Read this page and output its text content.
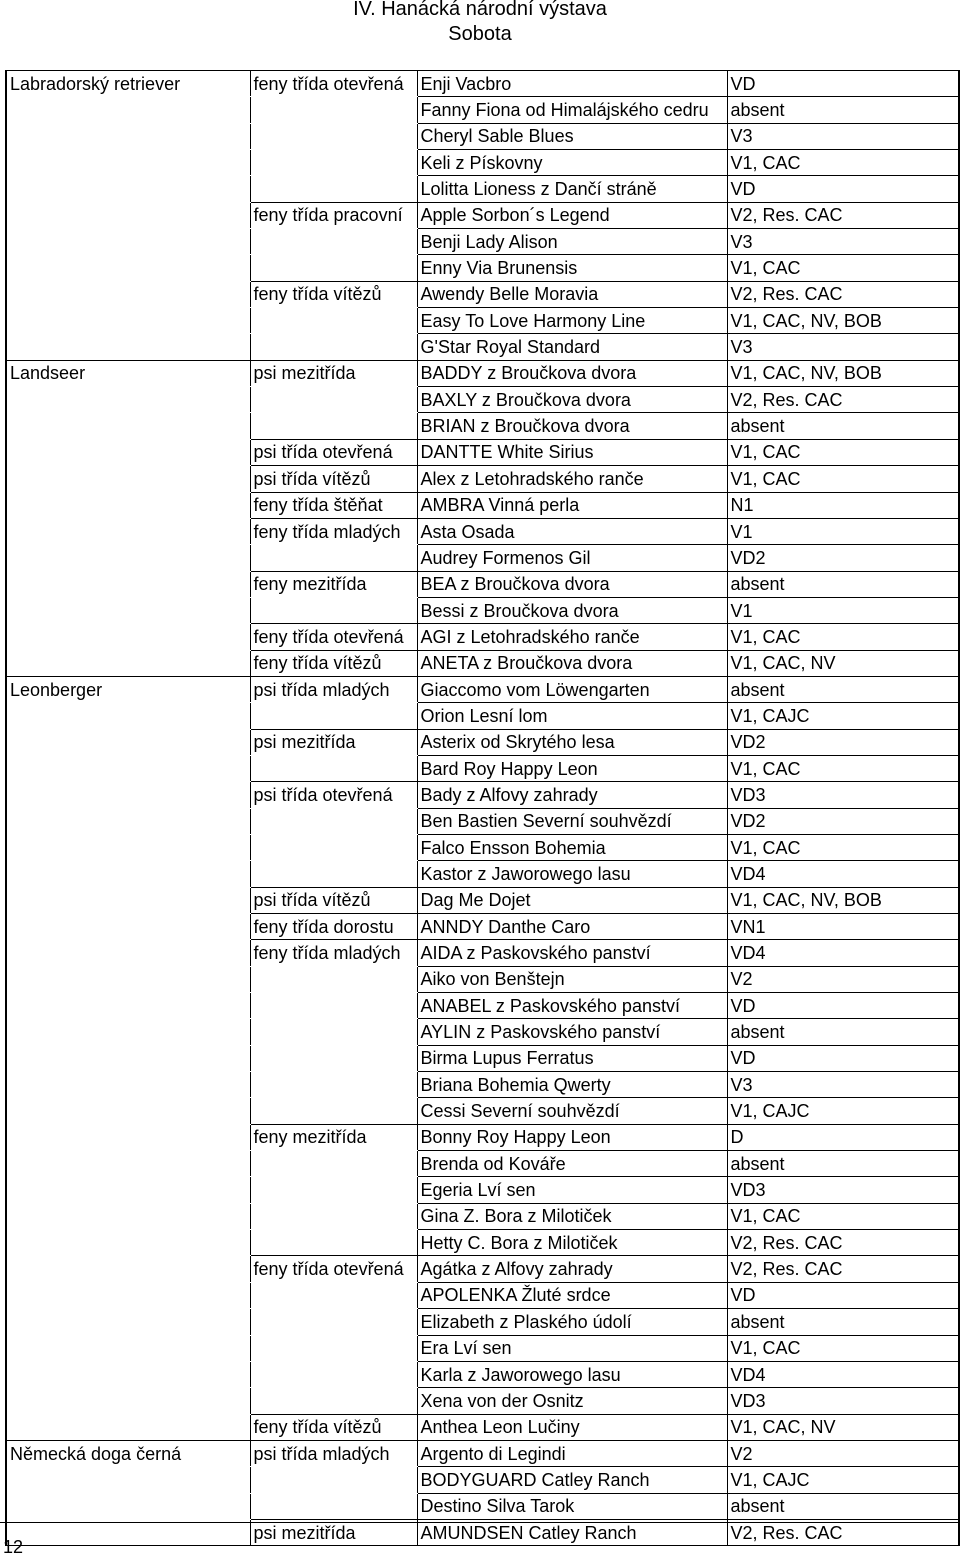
IV. Hanácká národní výstava
Sobota
Labradorský retriever	feny třída otevřená	Enji Vacbro	VD
		Fanny Fiona od Himalájského cedru	absent
		Cheryl Sable Blues	V3
		Keli z Pískovny	V1, CAC
		Lolitta Lioness z Dančí stráně	VD
	feny třída pracovní	Apple Sorbon´s Legend	V2, Res. CAC
		Benji Lady Alison	V3
		Enny Via Brunensis	V1, CAC
	feny třída vítězů	Awendy Belle Moravia	V2, Res. CAC
		Easy To Love Harmony Line	V1, CAC, NV, BOB
		G'Star Royal Standard	V3
Landseer	psi mezitřída	BADDY z Broučkova dvora	V1, CAC, NV, BOB
		BAXLY z Broučkova dvora	V2, Res. CAC
		BRIAN z Broučkova dvora	absent
	psi třída otevřená	DANTTE White Sirius	V1, CAC
	psi třída vítězů	Alex z Letohradského ranče	V1, CAC
	feny třída štěňat	AMBRA Vinná perla	N1
	feny třída mladých	Asta Osada	V1
		Audrey Formenos Gil	VD2
	feny mezitřída	BEA z Broučkova dvora	absent
		Bessi z Broučkova dvora	V1
	feny třída otevřená	AGI z Letohradského ranče	V1, CAC
	feny třída vítězů	ANETA z Broučkova dvora	V1, CAC, NV
Leonberger	psi třída mladých	Giaccomo vom Löwengarten	absent
		Orion Lesní lom	V1, CAJC
	psi mezitřída	Asterix od Skrytého lesa	VD2
		Bard Roy Happy Leon	V1, CAC
	psi třída otevřená	Bady z Alfovy zahrady	VD3
		Ben Bastien Severní souhvězdí	VD2
		Falco Ensson Bohemia	V1, CAC
		Kastor z Jaworowego lasu	VD4
	psi třída vítězů	Dag Me Dojet	V1, CAC, NV, BOB
	feny třída dorostu	ANNDY Danthe Caro	VN1
	feny třída mladých	AIDA z Paskovského panství	VD4
		Aiko von Benštejn	V2
		ANABEL z Paskovského panství	VD
		AYLIN z Paskovského panství	absent
		Birma Lupus Ferratus	VD
		Briana Bohemia Qwerty	V3
		Cessi Severní souhvězdí	V1, CAJC
	feny mezitřída	Bonny Roy Happy Leon	D
		Brenda od Kováře	absent
		Egeria Lví sen	VD3
		Gina Z. Bora z Milotiček	V1, CAC
		Hetty C. Bora z Milotiček	V2, Res. CAC
	feny třída otevřená	Agátka z Alfovy zahrady	V2, Res. CAC
		APOLENKA Žluté srdce	VD
		Elizabeth z Plaského údolí	absent
		Era Lví sen	V1, CAC
		Karla z Jaworowego lasu	VD4
		Xena von der Osnitz	VD3
	feny třída vítězů	Anthea Leon Lučiny	V1, CAC, NV
Německá doga černá	psi třída mladých	Argento di Legindi	V2
		BODYGUARD Catley Ranch	V1, CAJC
		Destino Silva Tarok	absent
	psi mezitřída	AMUNDSEN Catley Ranch	V2, Res. CAC
12
